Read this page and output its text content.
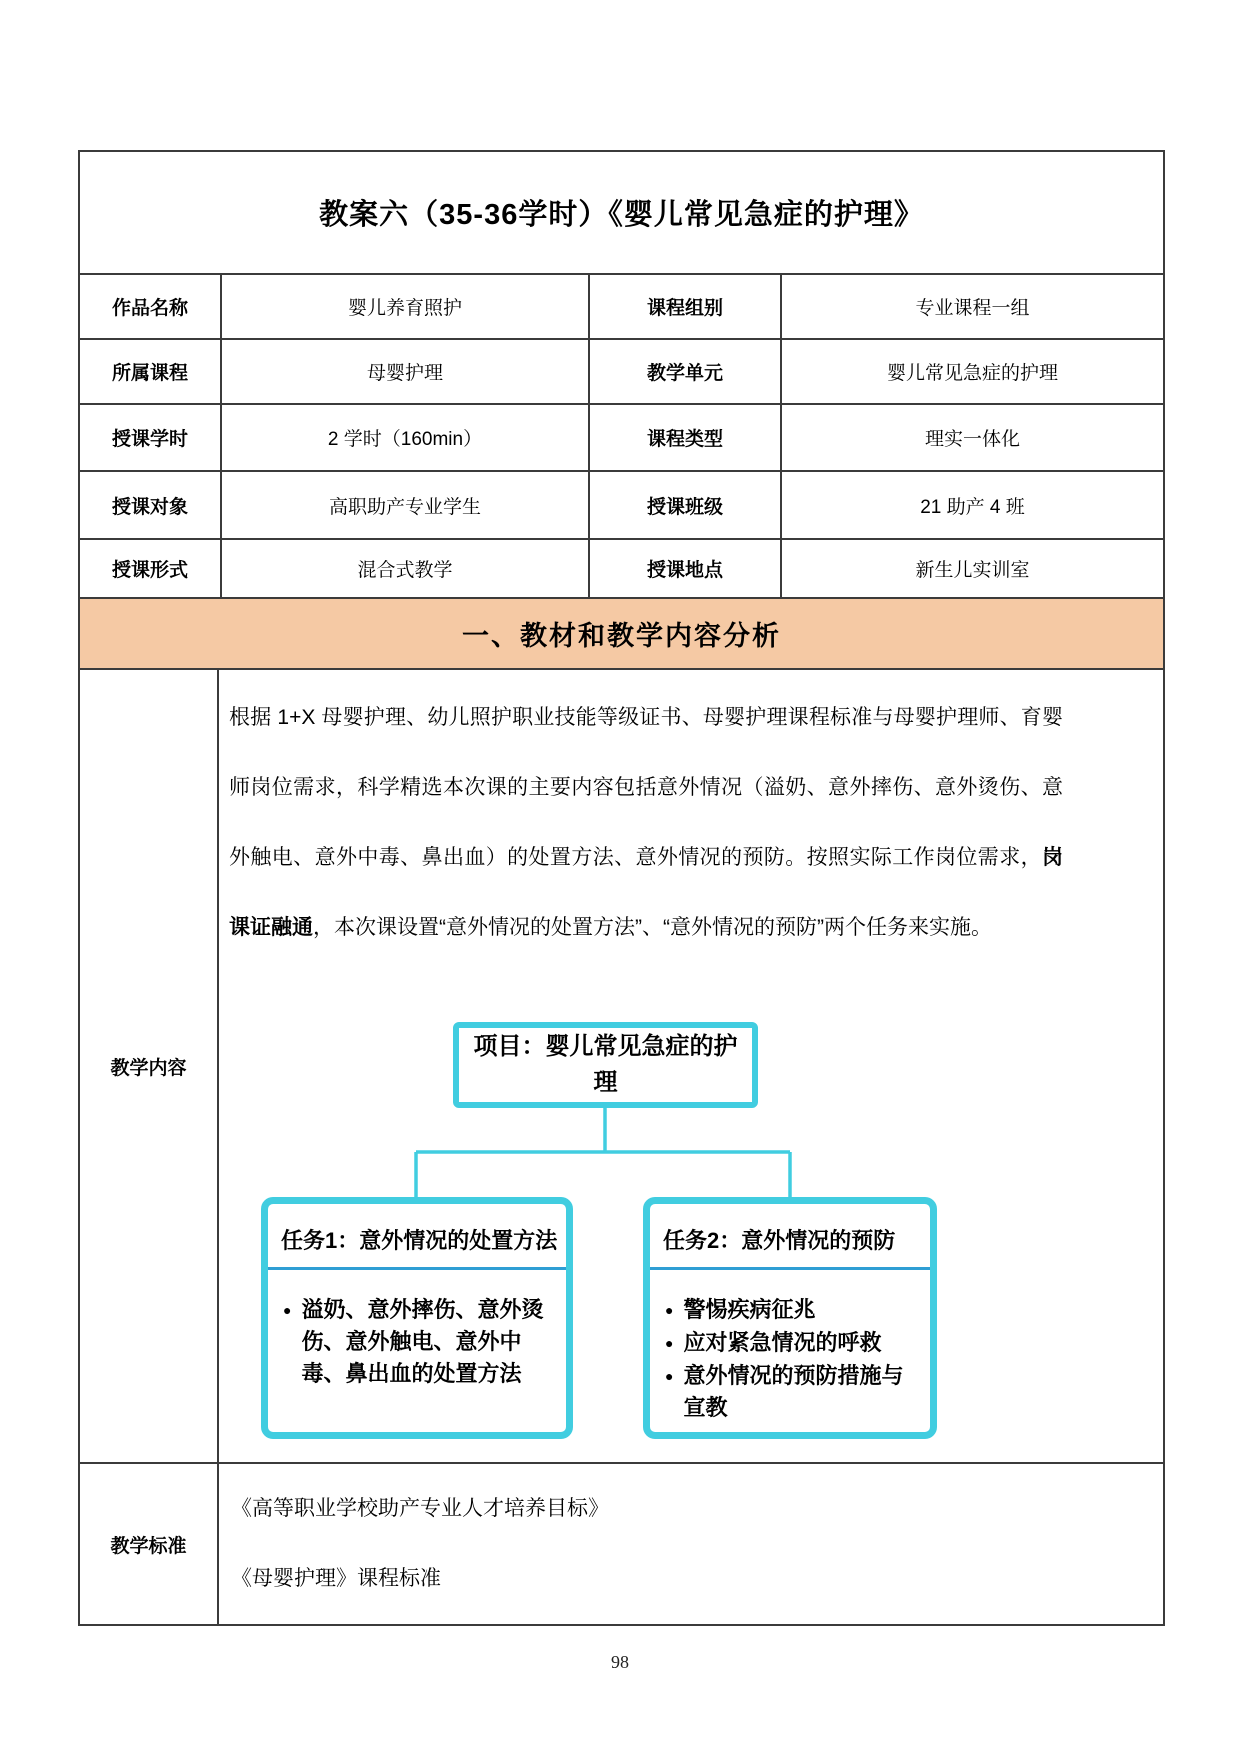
教案六（35-36学时）《婴儿常见急症的护理》
作品名称	婴儿养育照护	课程组别	专业课程一组
所属课程	母婴护理	教学单元	婴儿常见急症的护理
授课学时	2 学时（160min）	课程类型	理实一体化
授课对象	高职助产专业学生	授课班级	21 助产 4 班
授课形式	混合式教学	授课地点	新生儿实训室
一、教材和教学内容分析
教学内容
根据 1+X 母婴护理、幼儿照护职业技能等级证书、母婴护理课程标准与母婴护理师、育婴师岗位需求，科学精选本次课的主要内容包括意外情况（溢奶、意外摔伤、意外烫伤、意外触电、意外中毒、鼻出血）的处置方法、意外情况的预防。按照实际工作岗位需求，岗课证融通，本次课设置“意外情况的处置方法”、“意外情况的预防”两个任务来实施。
项目：婴儿常见急症的护理
任务1：意外情况的处置方法
● 溢奶、意外摔伤、意外烫伤、意外触电、意外中毒、鼻出血的处置方法
任务2：意外情况的预防
● 警惕疾病征兆
● 应对紧急情况的呼救
● 意外情况的预防措施与宣教
教学标准
《高等职业学校助产专业人才培养目标》
《母婴护理》课程标准
98
